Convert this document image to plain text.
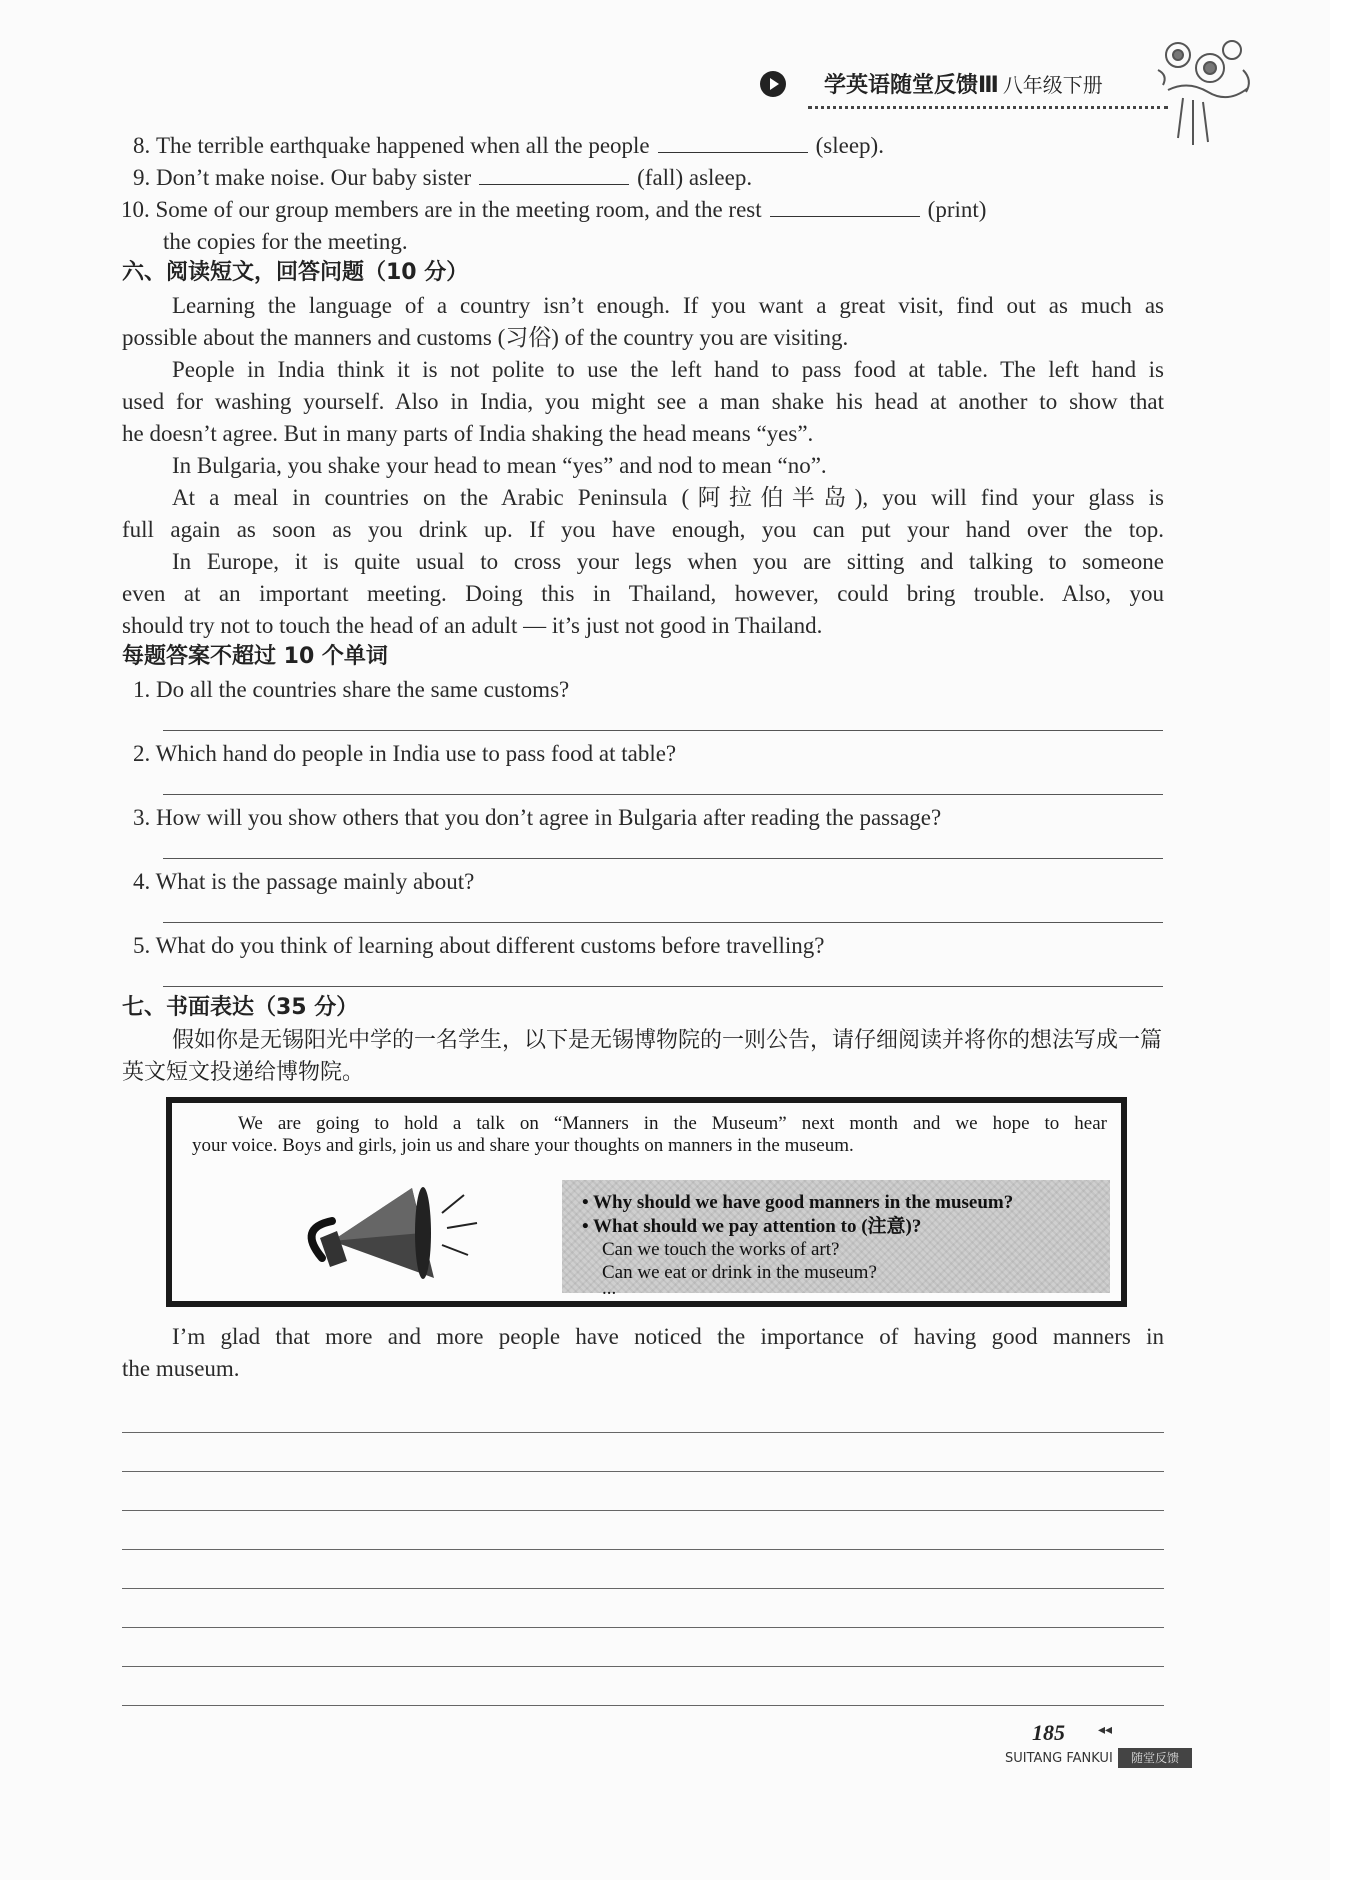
学英语随堂反馈Ⅲ 八年级下册
8. The terrible earthquake happened when all the people	(sleep).
9. Don’t make noise. Our baby sister	(fall) asleep.
10. Some of our group members are in the meeting room, and the rest	(print)
the copies for the meeting.
六、阅读短文，回答问题（10 分）
Learning the language of a country isn’t enough. If you want a great visit, find out as much as
possible about the manners and customs (习俗) of the country you are visiting.
People in India think it is not polite to use the left hand to pass food at table. The left hand is
used for washing yourself. Also in India, you might see a man shake his head at another to show that
he doesn’t agree. But in many parts of India shaking the head means “yes”.
In Bulgaria, you shake your head to mean “yes” and nod to mean “no”.
At a meal in countries on the Arabic Peninsula (阿拉伯半岛), you will find your glass is
full again as soon as you drink up. If you have enough, you can put your hand over the top.
In Europe, it is quite usual to cross your legs when you are sitting and talking to someone
even at an important meeting. Doing this in Thailand, however, could bring trouble. Also, you
should try not to touch the head of an adult — it’s just not good in Thailand.
每题答案不超过 10 个单词
1. Do all the countries share the same customs?
2. Which hand do people in India use to pass food at table?
3. How will you show others that you don’t agree in Bulgaria after reading the passage?
4. What is the passage mainly about?
5. What do you think of learning about different customs before travelling?
七、书面表达（35 分）
假如你是无锡阳光中学的一名学生，以下是无锡博物院的一则公告，请仔细阅读并将你的想法写成一篇英文短文投递给博物院。
We are going to hold a talk on “Manners in the Museum” next month and we hope to hear
your voice. Boys and girls, join us and share your thoughts on manners in the museum.
• Why should we have good manners in the museum?
• What should we pay attention to (注意)?
Can we touch the works of art?
Can we eat or drink in the museum?
...
I’m glad that more and more people have noticed the importance of having good manners in
the museum.
185 ◂◂
SUITANG FANKUI	随堂反馈
